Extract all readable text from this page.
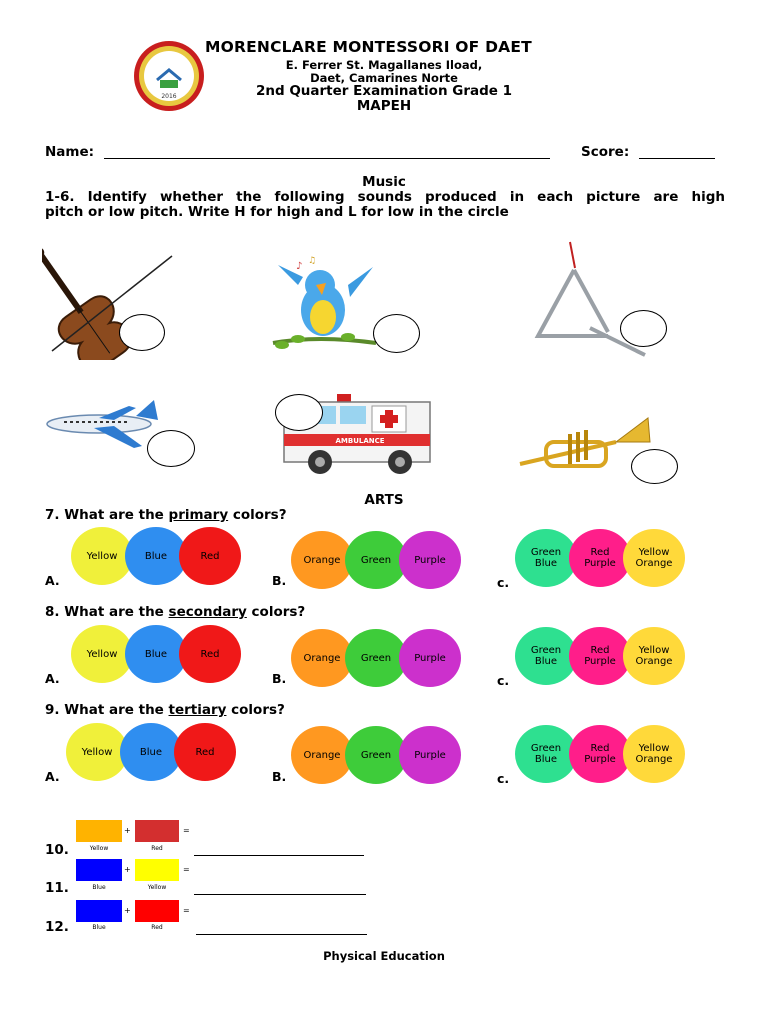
2016
MORENCLARE MONTESSORI OF DAET
E. Ferrer St. Magallanes Iload,
Daet, Camarines Norte
2nd Quarter Examination Grade 1
MAPEH
Name:	Score:
Music
1-6. Identify whether the following sounds produced in each picture are high
pitch or low pitch. Write H for high and L for low in the circle
♪ ♫
AMBULANCE
ARTS
7. What are the primary colors?
Yellow	Blue	Red
A.
Orange Green Purple
B.
Green
Blue
Red
Purple
Yellow
Orange
c.
8. What are the secondary colors?
Yellow	Blue	Red
A.
Orange Green Purple
B.
Green
Blue
Red
Purple
Yellow
Orange
c.
9. What are the tertiary colors?
Yellow	Blue	Red
A.
Orange Green Purple
B.
Green
Blue
Red
Purple
Yellow
Orange
c.
10.	Yellow
+
Red
=
11.	Blue
+
Yellow
=
12.	Blue
+
Red
=
Physical Education
